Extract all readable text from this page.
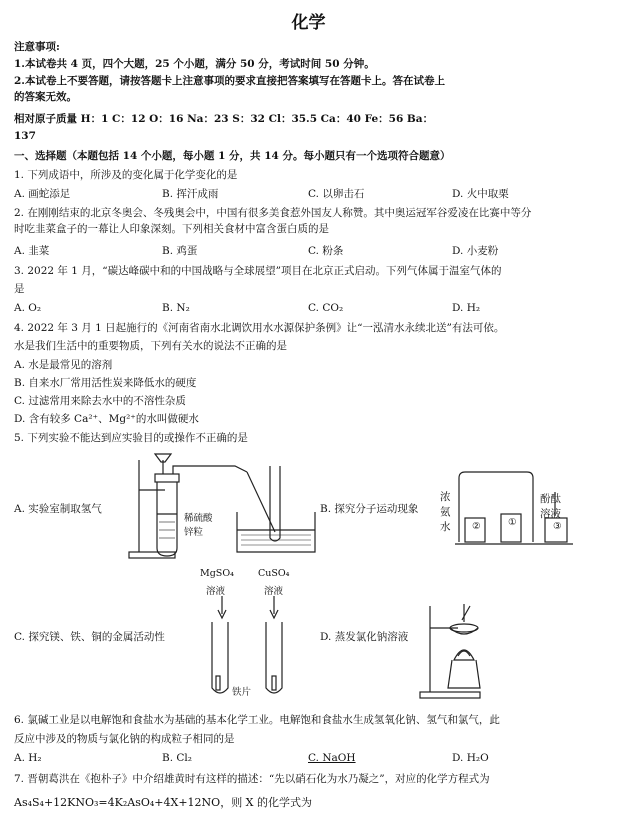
化学
注意事项:
1.本试卷共 4 页，四个大题，25 个小题，满分 50 分，考试时间 50 分钟。
2.本试卷上不要答题，请按答题卡上注意事项的要求直接把答案填写在答题卡上。答在试卷上
的答案无效。
相对原子质量 H：1 C：12 O：16 Na：23 S：32 Cl：35.5 Ca：40 Fe：56 Ba：
137
一、选择题（本题包括 14 个小题，每小题 1 分，共 14 分。每小题只有一个选项符合题意）
1. 下列成语中，所涉及的变化属于化学变化的是
A. 画蛇添足	B. 挥汗成雨	C. 以卵击石	D. 火中取栗
2. 在刚刚结束的北京冬奥会、冬残奥会中，中国有很多美食惹外国友人称赞。其中奥运冠军谷爱凌在比赛中等分
时吃韭菜盒子的一幕让人印象深刻。下列相关食材中富含蛋白质的是
A. 韭菜	B. 鸡蛋	C. 粉条	D. 小麦粉
3. 2022 年 1 月，“碳达峰碳中和的中国战略与全球展望”项目在北京正式启动。下列气体属于温室气体的
是
A. O₂	B. N₂	C. CO₂	D. H₂
4. 2022 年 3 月 1 日起施行的《河南省南水北调饮用水水源保护条例》让“一泓清水永续北送”有法可依。
水是我们生活中的重要物质，下列有关水的说法不正确的是
A. 水是最常见的溶剂
B. 自来水厂常用活性炭来降低水的硬度
C. 过滤常用来除去水中的不溶性杂质
D. 含有较多 Ca²⁺、Mg²⁺的水叫做硬水
5. 下列实验不能达到应实验目的或操作不正确的是
A. 实验室制取氢气
稀硫酸
锌粒
B. 探究分子运动现象
浓
氨
水
酚酞
溶液
②	①	③
C. 探究镁、铁、铜的金属活动性
MgSO₄
溶液
CuSO₄
溶液
铁片
D. 蒸发氯化钠溶液
6. 氯碱工业是以电解饱和食盐水为基础的基本化学工业。电解饱和食盐水生成氢氧化钠、氢气和氯气，此
反应中涉及的物质与氯化钠的构成粒子相同的是
A. H₂	B. Cl₂	C. NaOH	D. H₂O
7. 晋朝葛洪在《抱朴子》中介绍雄黄时有这样的描述：“先以硝石化为水乃凝之”，对应的化学方程式为
As₄S₄+12KNO₃=4K₂AsO₄+4X+12NO，则 X 的化学式为
